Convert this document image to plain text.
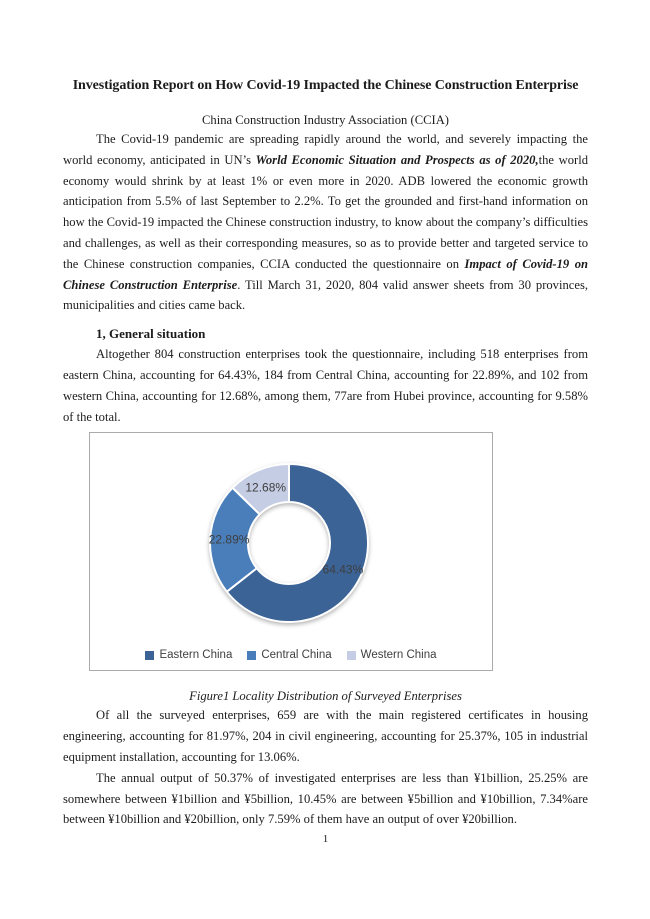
Investigation Report on How Covid-19 Impacted the Chinese Construction Enterprise
China Construction Industry Association (CCIA)

The Covid-19 pandemic are spreading rapidly around the world, and severely impacting the world economy, anticipated in UN’s World Economic Situation and Prospects as of 2020,the world economy would shrink by at least 1% or even more in 2020. ADB lowered the economic growth anticipation from 5.5% of last September to 2.2%. To get the grounded and first-hand information on how the Covid-19 impacted the Chinese construction industry, to know about the company’s difficulties and challenges, as well as their corresponding measures, so as to provide better and targeted service to the Chinese construction companies, CCIA conducted the questionnaire on Impact of Covid-19 on Chinese Construction Enterprise. Till March 31, 2020, 804 valid answer sheets from 30 provinces, municipalities and cities came back.

1, General situation

Altogether 804 construction enterprises took the questionnaire, including 518 enterprises from eastern China, accounting for 64.43%, 184 from Central China, accounting for 22.89%, and 102 from western China, accounting for 12.68%, among them, 77are from Hubei province, accounting for 9.58% of the total.

64.43%
22.89%
12.68%
Eastern China	Central China	Western China
Figure1 Locality Distribution of Surveyed Enterprises

Of all the surveyed enterprises, 659 are with the main registered certificates in housing engineering, accounting for 81.97%, 204 in civil engineering, accounting for 25.37%, 105 in industrial equipment installation, accounting for 13.06%.

The annual output of 50.37% of investigated enterprises are less than ¥1billion, 25.25% are somewhere between ¥1billion and ¥5billion, 10.45% are between ¥5billion and ¥10billion, 7.34%are between ¥10billion and ¥20billion, only 7.59% of them have an output of over ¥20billion.

1
